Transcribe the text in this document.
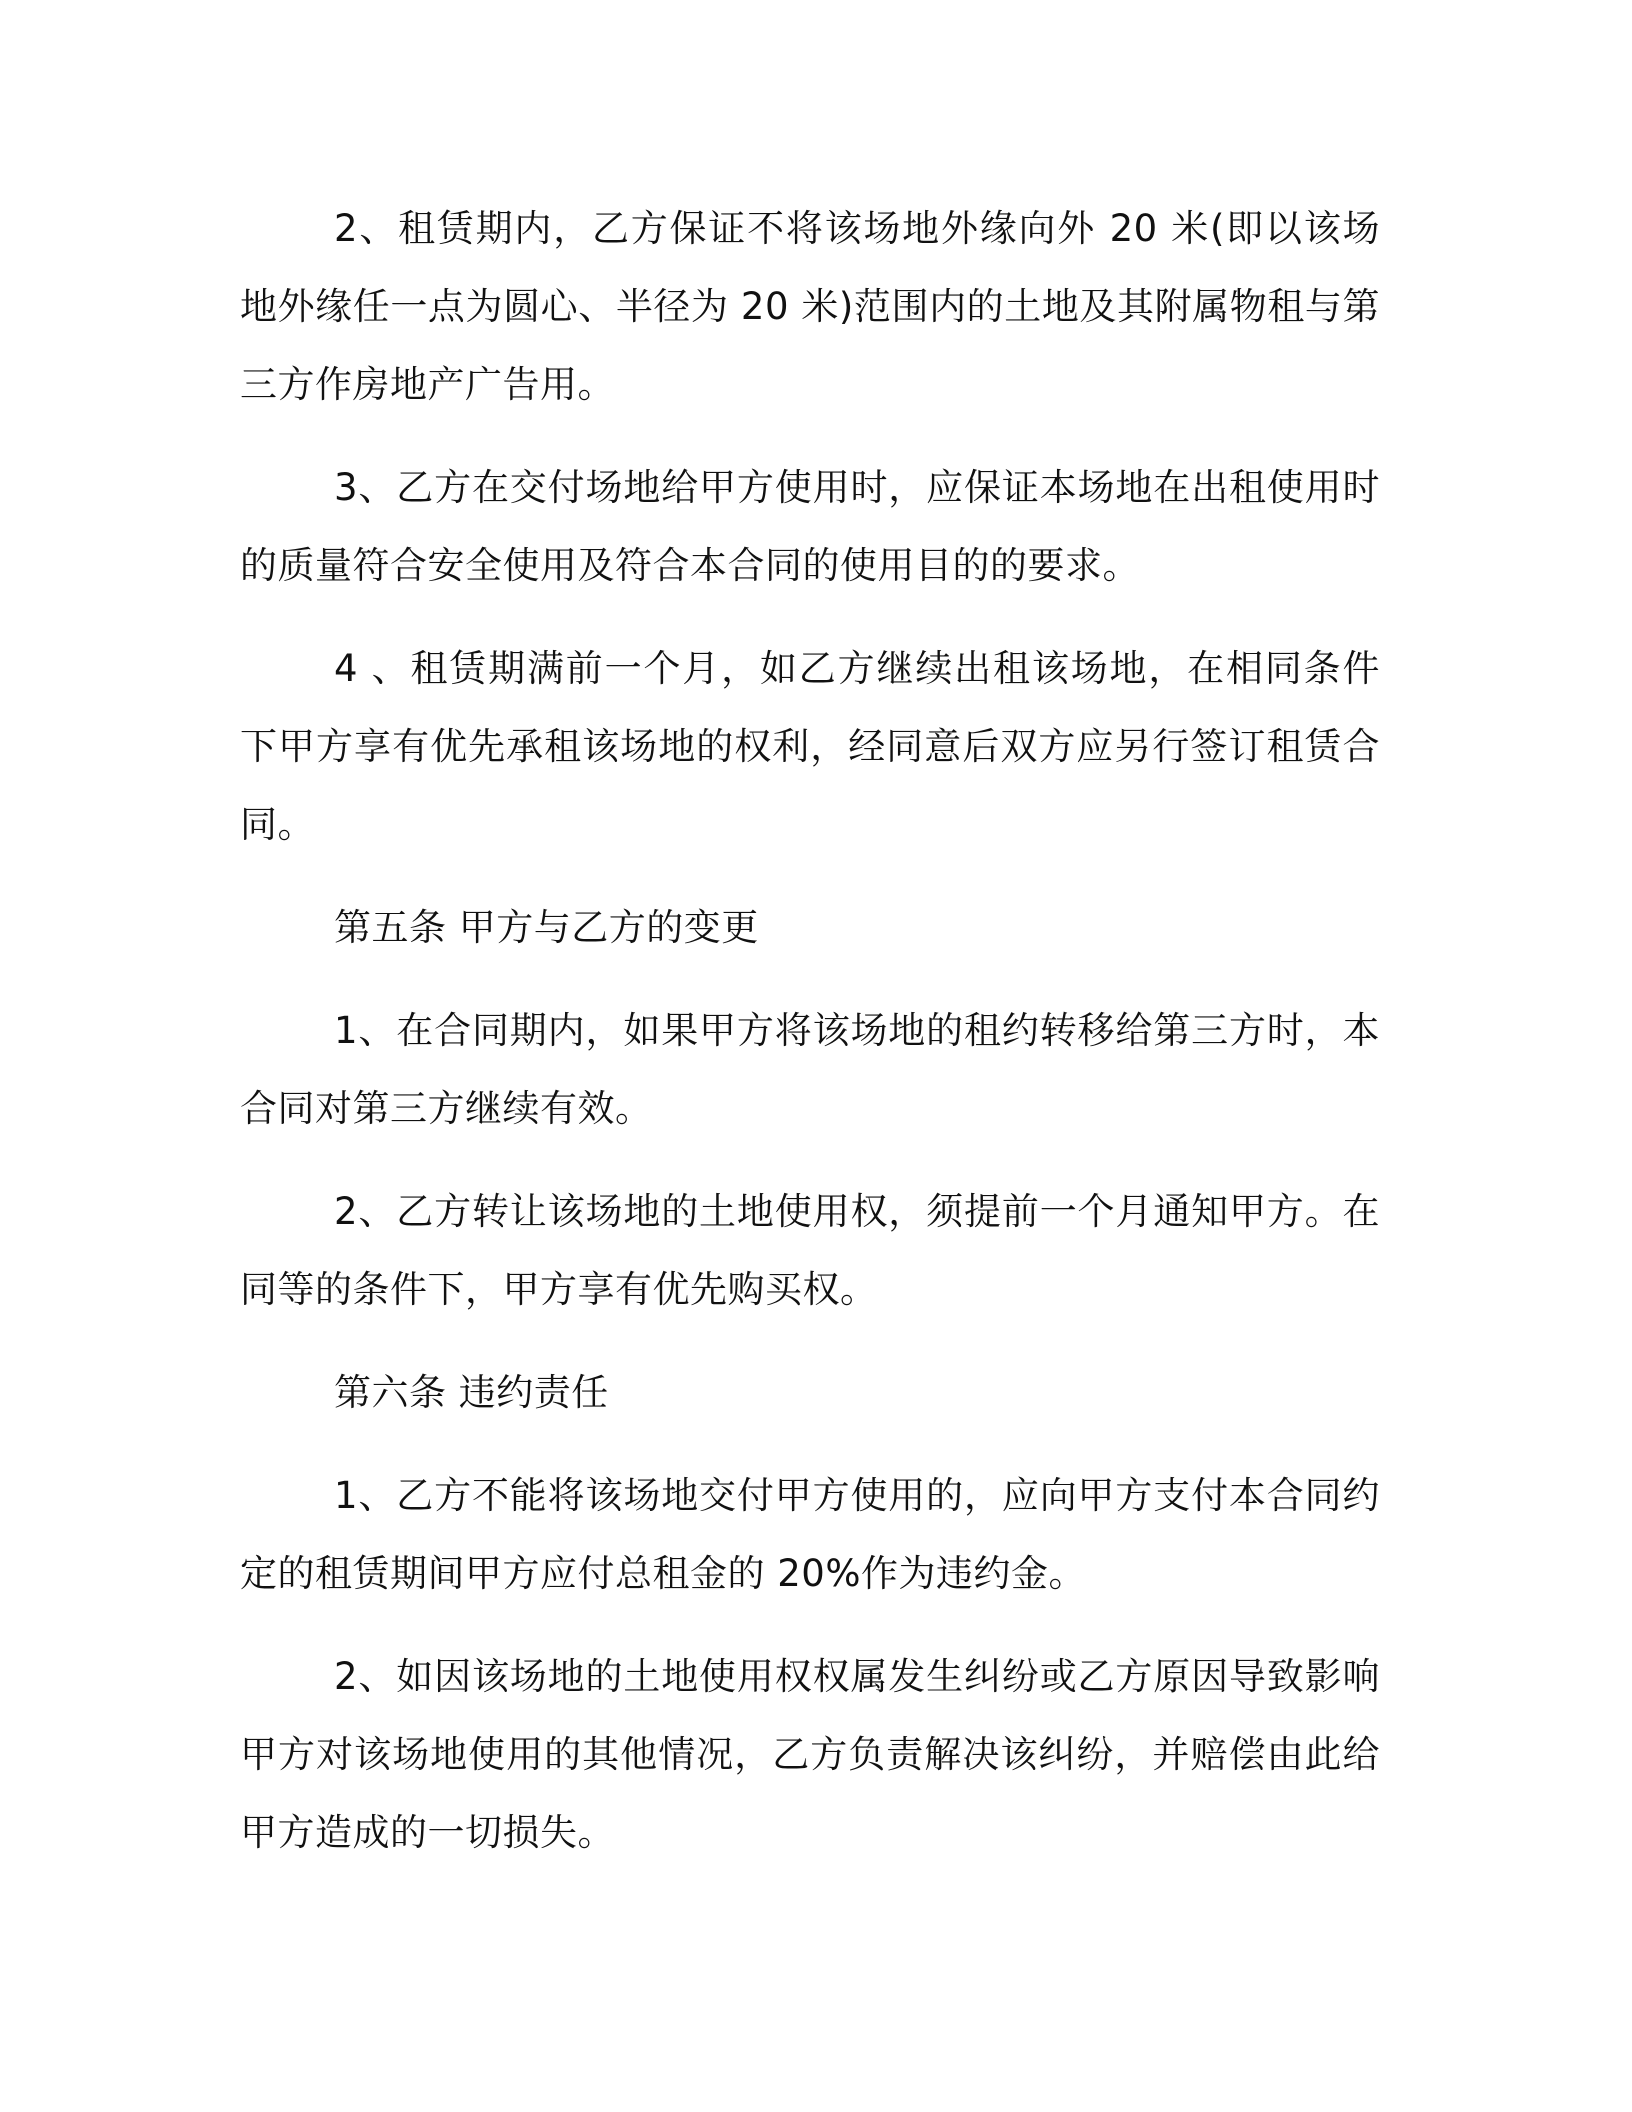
2、租赁期内，乙方保证不将该场地外缘向外 20 米(即以该场地外缘任一点为圆心、半径为 20 米)范围内的土地及其附属物租与第三方作房地产广告用。

3、乙方在交付场地给甲方使用时，应保证本场地在出租使用时的质量符合安全使用及符合本合同的使用目的的要求。

4 、租赁期满前一个月，如乙方继续出租该场地，在相同条件下甲方享有优先承租该场地的权利，经同意后双方应另行签订租赁合同。

第五条 甲方与乙方的变更

1、在合同期内，如果甲方将该场地的租约转移给第三方时，本合同对第三方继续有效。

2、乙方转让该场地的土地使用权，须提前一个月通知甲方。在同等的条件下，甲方享有优先购买权。

第六条 违约责任

1、乙方不能将该场地交付甲方使用的，应向甲方支付本合同约定的租赁期间甲方应付总租金的 20%作为违约金。

2、如因该场地的土地使用权权属发生纠纷或乙方原因导致影响甲方对该场地使用的其他情况，乙方负责解决该纠纷，并赔偿由此给甲方造成的一切损失。
